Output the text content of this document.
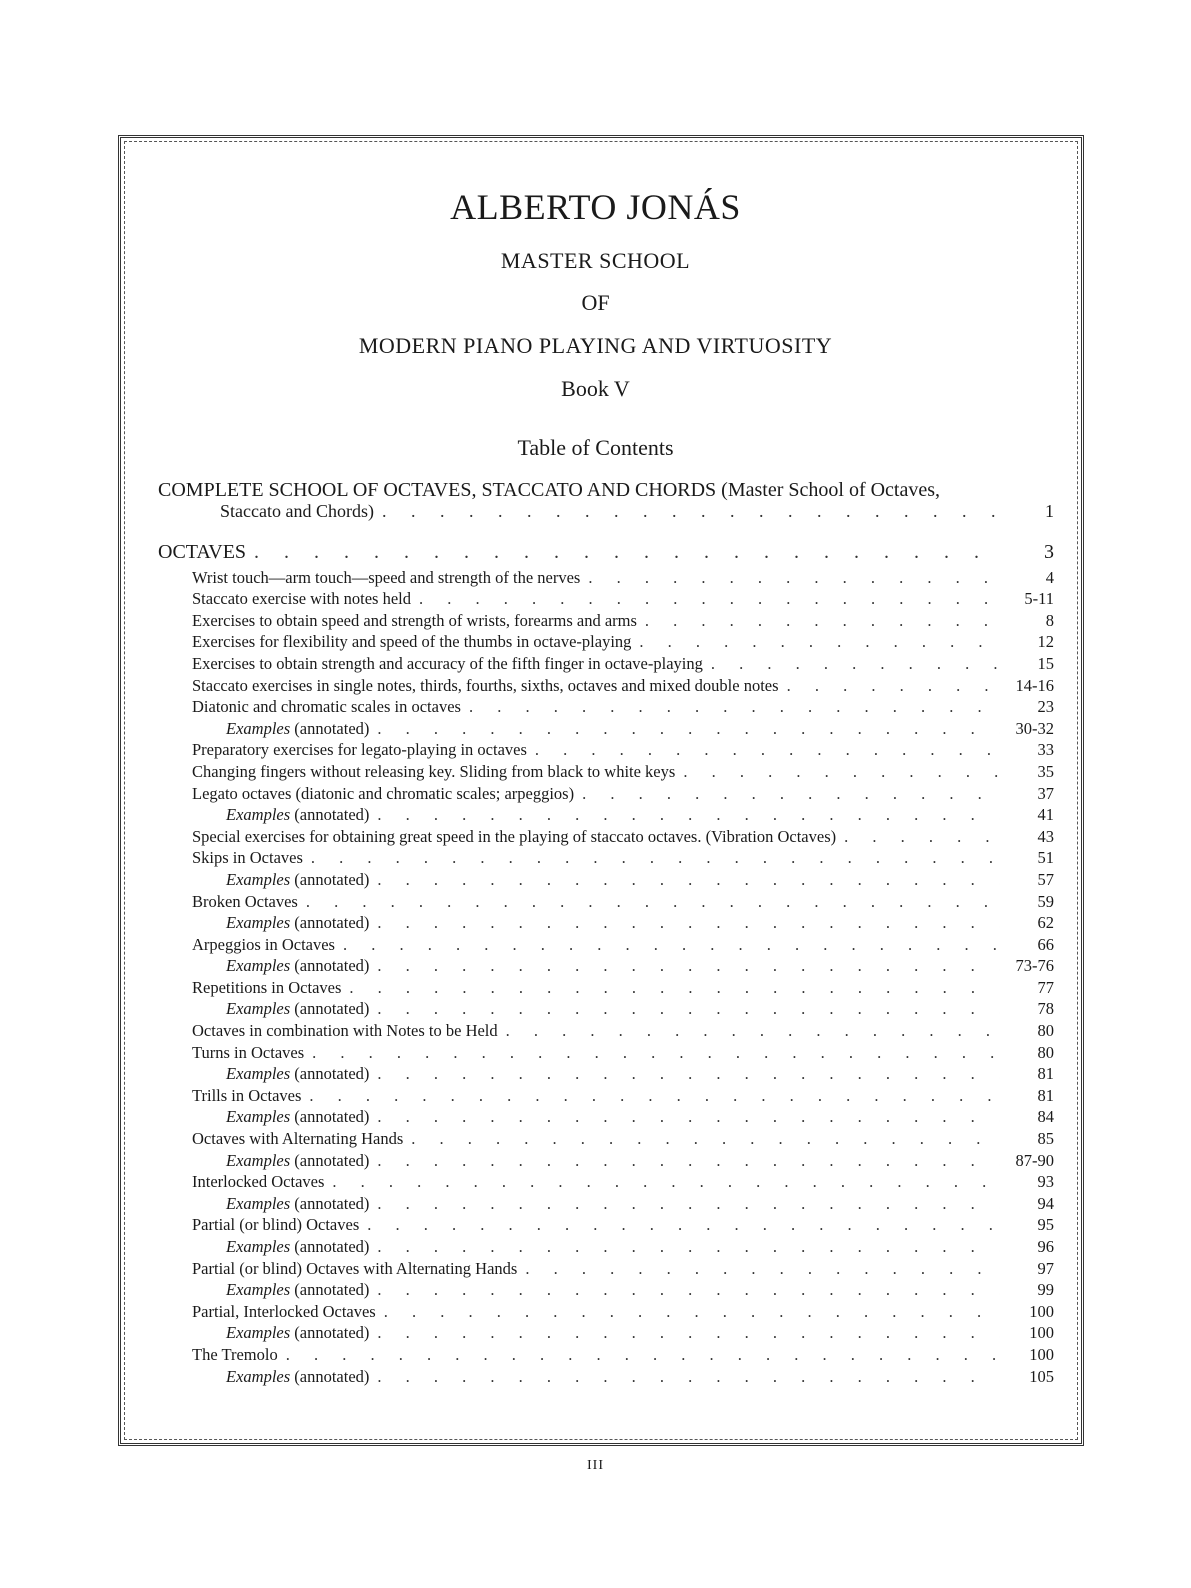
ALBERTO JONÁS
MASTER SCHOOL
OF
MODERN PIANO PLAYING AND VIRTUOSITY
Book V
Table of Contents
COMPLETE SCHOOL OF OCTAVES, STACCATO AND CHORDS (Master School of Octaves,
Staccato and Chords) . . .	1
OCTAVES . . .	3
Wrist touch—arm touch—speed and strength of the nerves . . .	4
Staccato exercise with notes held . . .	5-11
Exercises to obtain speed and strength of wrists, forearms and arms . . .	8
Exercises for flexibility and speed of the thumbs in octave-playing . . .	12
Exercises to obtain strength and accuracy of the fifth finger in octave-playing . . .	15
Staccato exercises in single notes, thirds, fourths, sixths, octaves and mixed double notes . . .	14-16
Diatonic and chromatic scales in octaves . . .	23
Examples (annotated) . . .	30-32
Preparatory exercises for legato-playing in octaves . . .	33
Changing fingers without releasing key. Sliding from black to white keys . . .	35
Legato octaves (diatonic and chromatic scales; arpeggios) . . .	37
Examples (annotated) . . .	41
Special exercises for obtaining great speed in the playing of staccato octaves. (Vibration Octaves) . . .	43
Skips in Octaves . . .	51
Examples (annotated) . . .	57
Broken Octaves . . .	59
Examples (annotated) . . .	62
Arpeggios in Octaves . . .	66
Examples (annotated) . . .	73-76
Repetitions in Octaves . . .	77
Examples (annotated) . . .	78
Octaves in combination with Notes to be Held . . .	80
Turns in Octaves . . .	80
Examples (annotated) . . .	81
Trills in Octaves . . .	81
Examples (annotated) . . .	84
Octaves with Alternating Hands . . .	85
Examples (annotated) . . .	87-90
Interlocked Octaves . . .	93
Examples (annotated) . . .	94
Partial (or blind) Octaves . . .	95
Examples (annotated) . . .	96
Partial (or blind) Octaves with Alternating Hands . . .	97
Examples (annotated) . . .	99
Partial, Interlocked Octaves . . .	100
Examples (annotated) . . .	100
The Tremolo . . .	100
Examples (annotated) . . .	105
III
